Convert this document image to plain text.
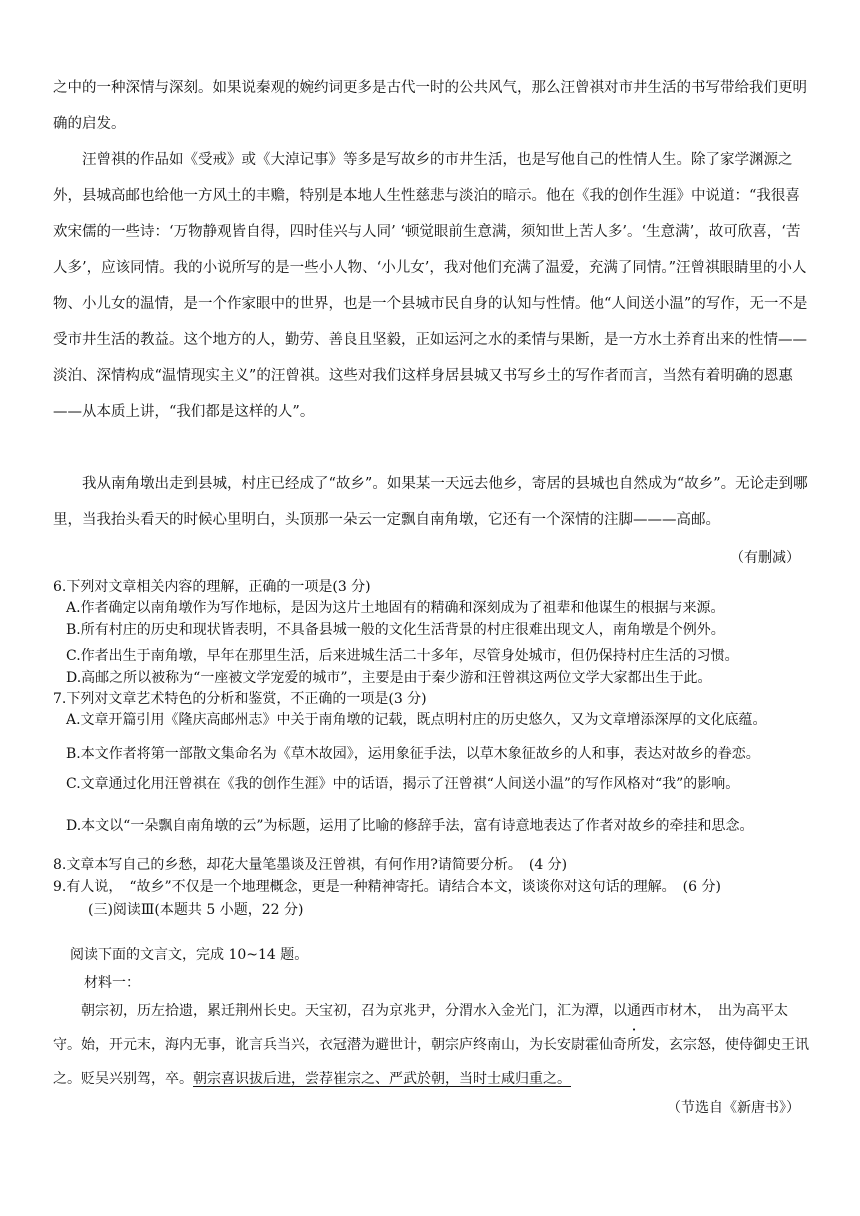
之中的一种深情与深刻。如果说秦观的婉约词更多是古代一时的公共风气，那么汪曾祺对市井生活的书写带给我们更明确的启发。

汪曾祺的作品如《受戒》或《大淖记事》等多是写故乡的市井生活，也是写他自己的性情人生。除了家学渊源之外，县城高邮也给他一方风土的丰赡，特别是本地人生性慈悲与淡泊的暗示。他在《我的创作生涯》中说道：“我很喜欢宋儒的一些诗：‘万物静观皆自得，四时佳兴与人同’ ‘顿觉眼前生意满，须知世上苦人多’。‘生意满’，故可欣喜，‘苦人多’，应该同情。我的小说所写的是一些小人物、‘小儿女’，我对他们充满了温爱，充满了同情。”汪曾祺眼睛里的小人物、小儿女的温情，是一个作家眼中的世界，也是一个县城市民自身的认知与性情。他“人间送小温”的写作，无一不是受市井生活的教益。这个地方的人，勤劳、善良且坚毅，正如运河之水的柔情与果断，是一方水土养育出来的性情——淡泊、深情构成“温情现实主义”的汪曾祺。这些对我们这样身居县城又书写乡土的写作者而言，当然有着明确的恩惠——从本质上讲，“我们都是这样的人”。

我从南角墩出走到县城，村庄已经成了“故乡”。如果某一天远去他乡，寄居的县城也自然成为“故乡”。无论走到哪里，当我抬头看天的时候心里明白，头顶那一朵云一定飘自南角墩，它还有一个深情的注脚———高邮。

（有删减）

6.下列对文章相关内容的理解，正确的一项是(3 分)

A.作者确定以南角墩作为写作地标，是因为这片土地固有的精确和深刻成为了祖辈和他谋生的根据与来源。

B.所有村庄的历史和现状皆表明，不具备县城一般的文化生活背景的村庄很难出现文人，南角墩是个例外。

C.作者出生于南角墩，早年在那里生活，后来进城生活二十多年，尽管身处城市，但仍保持村庄生活的习惯。

D.高邮之所以被称为“一座被文学宠爱的城市”，主要是由于秦少游和汪曾祺这两位文学大家都出生于此。

7.下列对文章艺术特色的分析和鉴赏，不正确的一项是(3 分)

A.文章开篇引用《隆庆高邮州志》中关于南角墩的记载，既点明村庄的历史悠久，又为文章增添深厚的文化底蕴。

B.本文作者将第一部散文集命名为《草木故园》，运用象征手法，以草木象征故乡的人和事，表达对故乡的眷恋。

C.文章通过化用汪曾祺在《我的创作生涯》中的话语，揭示了汪曾祺“人间送小温”的写作风格对“我”的影响。

D.本文以“一朵飘自南角墩的云”为标题，运用了比喻的修辞手法，富有诗意地表达了作者对故乡的牵挂和思念。

8.文章本写自己的乡愁，却花大量笔墨谈及汪曾祺，有何作用?请简要分析。　(4 分)

9.有人说，　“故乡”不仅是一个地理概念，更是一种精神寄托。请结合本文，谈谈你对这句话的理解。　(6 分)

(三)阅读Ⅲ(本题共 5 小题，22 分)

阅读下面的文言文，完成 10~14 题。

材料一：

朝宗初，历左拾遗，累迁荆州长史。天宝初，召为京兆尹，分渭水入金光门，汇为潭，以通西市材木，　出为高平太守。始，开元末，海内无事，讹言兵当兴，衣冠潜为避世计，朝宗庐终南山，为长安尉霍仙奇所发，玄宗怒，使侍御史王讯之。贬吴兴别驾，卒。朝宗喜识拔后进，尝荐崔宗之、严武於朝，当时士咸归重之。

（节选自《新唐书》）
